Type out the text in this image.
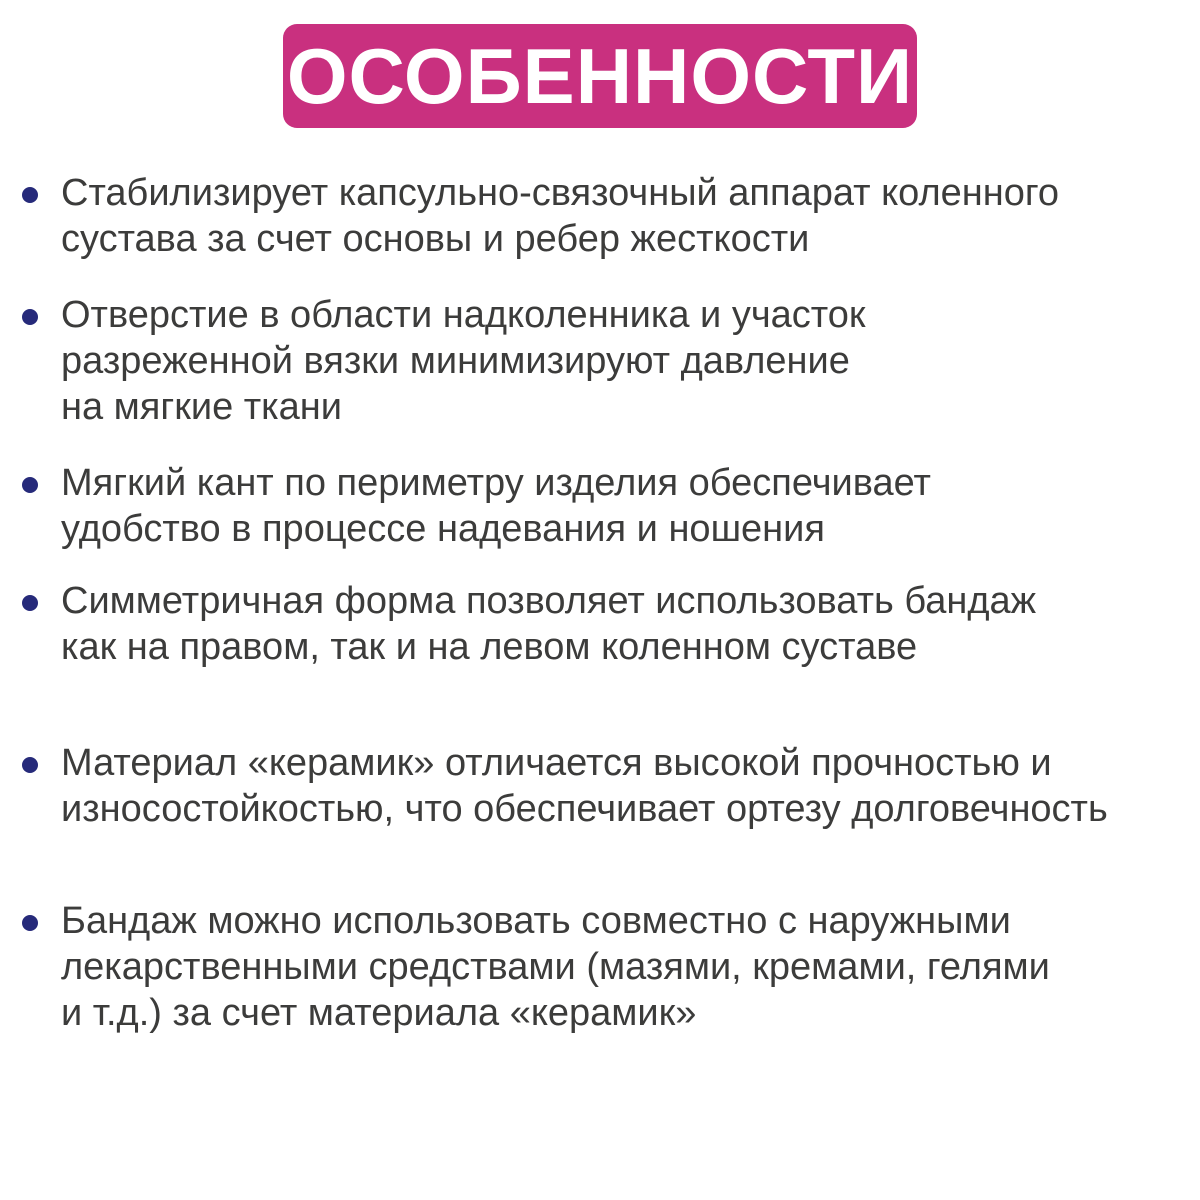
ОСОБЕННОСТИ

Стабилизирует капсульно-связочный аппарат коленного
сустава за счет основы и ребер жесткости

Отверстие в области надколенника и участок
разреженной вязки минимизируют давление
на мягкие ткани

Мягкий кант по периметру изделия обеспечивает
удобство в процессе надевания и ношения

Симметричная форма позволяет использовать бандаж
как на правом, так и на левом коленном суставе

Материал «керамик» отличается высокой прочностью и
износостойкостью, что обеспечивает ортезу долговечность

Бандаж можно использовать совместно с наружными
лекарственными средствами (мазями, кремами, гелями
и т.д.) за счет материала «керамик»
